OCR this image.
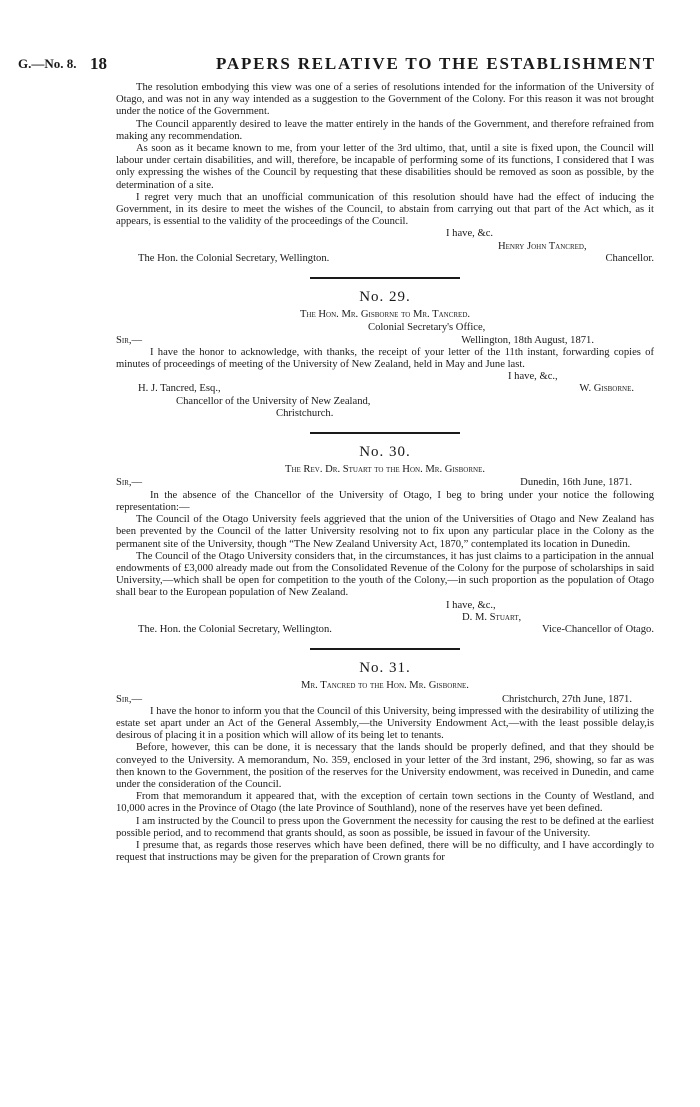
G.—No. 8. 18	PAPERS RELATIVE TO THE ESTABLISHMENT

The resolution embodying this view was one of a series of resolutions intended for the information of the University of Otago, and was not in any way intended as a suggestion to the Government of the Colony. For this reason it was not brought under the notice of the Government.

The Council apparently desired to leave the matter entirely in the hands of the Government, and therefore refrained from making any recommendation.

As soon as it became known to me, from your letter of the 3rd ultimo, that, until a site is fixed upon, the Council will labour under certain disabilities, and will, therefore, be incapable of performing some of its functions, I considered that I was only expressing the wishes of the Council by requesting that these disabilities should be removed as soon as possible, by the determination of a site.

I regret very much that an unofficial communication of this resolution should have had the effect of inducing the Government, in its desire to meet the wishes of the Council, to abstain from carrying out that part of the Act which, as it appears, is essential to the validity of the proceedings of the Council.

I have, &c.
Henry John Tancred,
The Hon. the Colonial Secretary, Wellington.	Chancellor.
No. 29.
The Hon. Mr. Gisborne to Mr. Tancred.
Colonial Secretary's Office,
Sir,—	Wellington, 18th August, 1871.

I have the honor to acknowledge, with thanks, the receipt of your letter of the 11th instant, forwarding copies of minutes of proceedings of meeting of the University of New Zealand, held in May and June last.

I have, &c.,
H. J. Tancred, Esq.,	W. Gisborne.
Chancellor of the University of New Zealand,
Christchurch.
No. 30.
The Rev. Dr. Stuart to the Hon. Mr. Gisborne.
Sir,—	Dunedin, 16th June, 1871.

In the absence of the Chancellor of the University of Otago, I beg to bring under your notice the following representation:—

The Council of the Otago University feels aggrieved that the union of the Universities of Otago and New Zealand has been prevented by the Council of the latter University resolving not to fix upon any particular place in the Colony as the permanent site of the University, though “The New Zealand University Act, 1870,” contemplated its location in Dunedin.

The Council of the Otago University considers that, in the circumstances, it has just claims to a participation in the annual endowments of £3,000 already made out from the Consolidated Revenue of the Colony for the purpose of scholarships in said University,—which shall be open for competition to the youth of the Colony,—in such proportion as the population of Otago shall bear to the European population of New Zealand.

I have, &c.,
D. M. Stuart,
The. Hon. the Colonial Secretary, Wellington.	Vice-Chancellor of Otago.
No. 31.
Mr. Tancred to the Hon. Mr. Gisborne.
Sir,—	Christchurch, 27th June, 1871.

I have the honor to inform you that the Council of this University, being impressed with the desirability of utilizing the estate set apart under an Act of the General Assembly,—the University Endowment Act,—with the least possible delay,is desirous of placing it in a position which will allow of its being let to tenants.

Before, however, this can be done, it is necessary that the lands should be properly defined, and that they should be conveyed to the University. A memorandum, No. 359, enclosed in your letter of the 3rd instant, 296, showing, so far as was then known to the Government, the position of the reserves for the University endowment, was received in Dunedin, and came under the consideration of the Council.

From that memorandum it appeared that, with the exception of certain town sections in the County of Westland, and 10,000 acres in the Province of Otago (the late Province of Southland), none of the reserves have yet been defined.

I am instructed by the Council to press upon the Government the necessity for causing the rest to be defined at the earliest possible period, and to recommend that grants should, as soon as possible, be issued in favour of the University.

I presume that, as regards those reserves which have been defined, there will be no difficulty, and I have accordingly to request that instructions may be given for the preparation of Crown grants for
